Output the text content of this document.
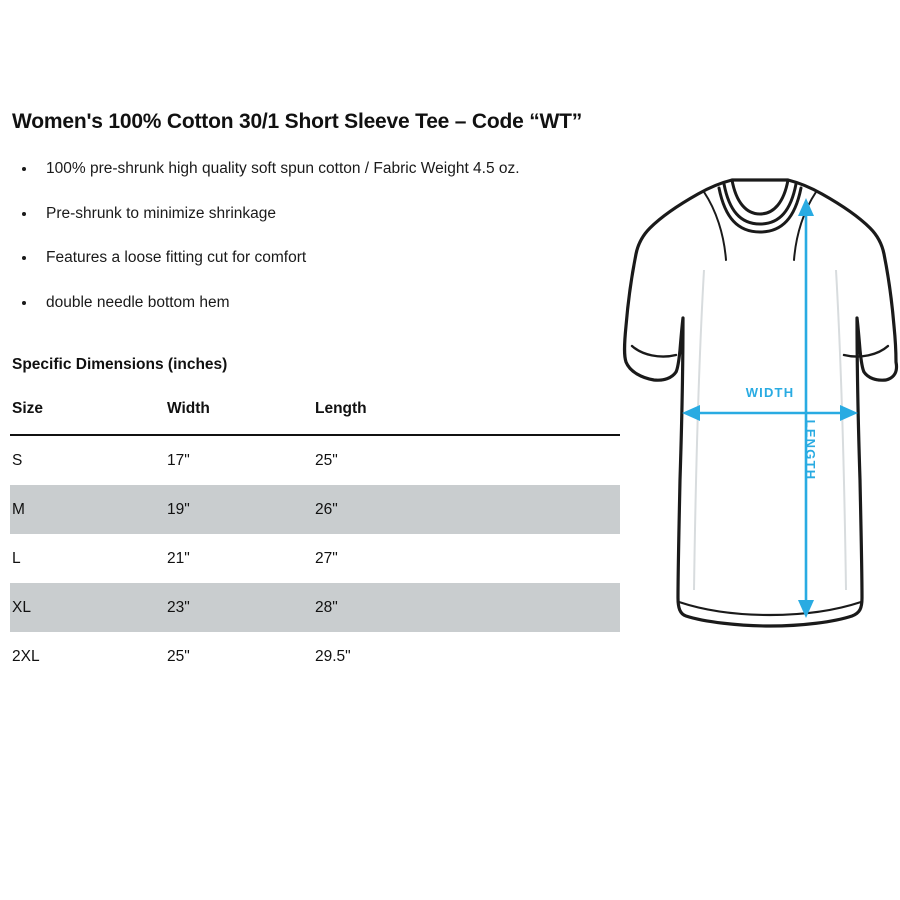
Women's 100% Cotton 30/1 Short Sleeve Tee – Code “WT”
100% pre-shrunk high quality soft spun cotton / Fabric Weight 4.5 oz.
Pre-shrunk to minimize shrinkage
Features a loose fitting cut for comfort
double needle bottom hem
Specific Dimensions (inches)
Size	Width	Length
S	17"	25"
M	19"	26"
L	21"	27"
XL	23"	28"
2XL	25"	29.5"
WIDTH
LENGTH
